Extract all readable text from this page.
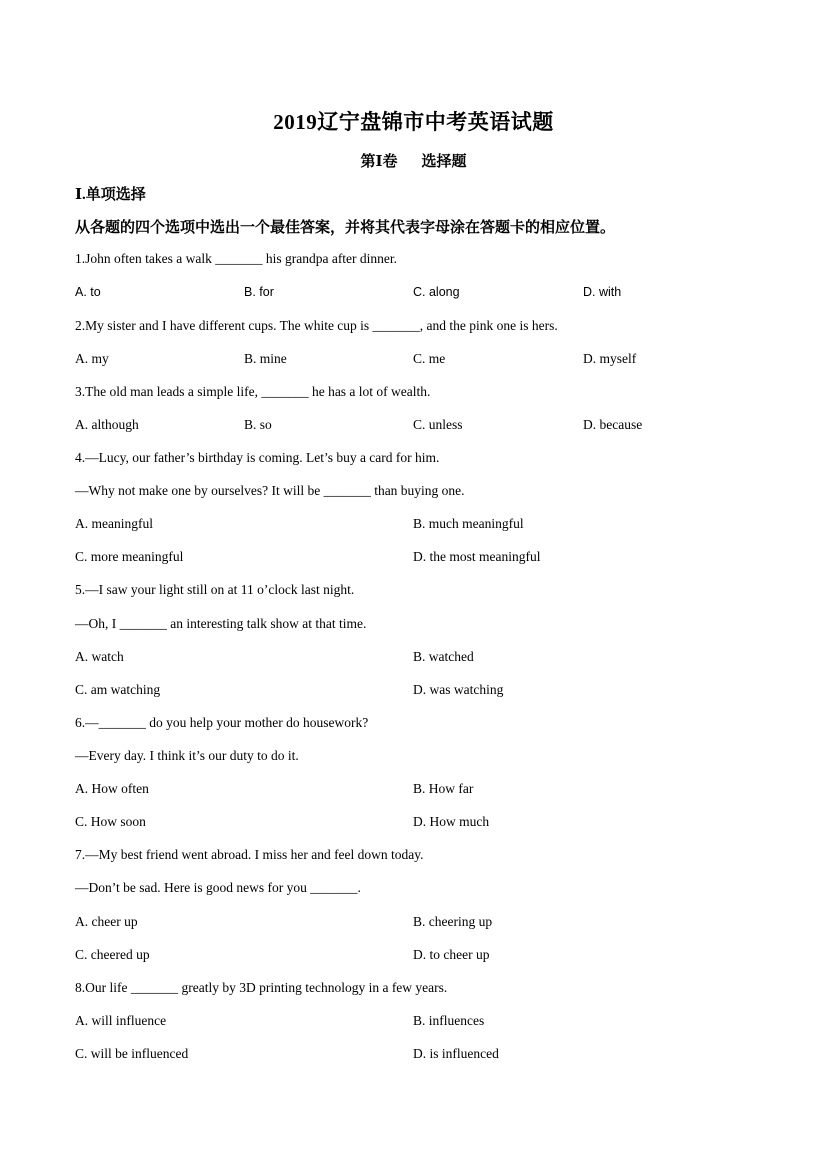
2019辽宁盘锦市中考英语试题
第Ⅰ卷 选择题
Ⅰ.单项选择
从各题的四个选项中选出一个最佳答案，并将其代表字母涂在答题卡的相应位置。
1.John often takes a walk _______ his grandpa after dinner.
A. to	B. for	C. along	D. with
2.My sister and I have different cups. The white cup is _______, and the pink one is hers.
A. my	B. mine	C. me	D. myself
3.The old man leads a simple life, _______ he has a lot of wealth.
A. although	B. so	C. unless	D. because
4.—Lucy, our father’s birthday is coming. Let’s buy a card for him.
—Why not make one by ourselves? It will be _______ than buying one.
A. meaningful	B. much meaningful
C. more meaningful	D. the most meaningful
5.—I saw your light still on at 11 o’clock last night.
—Oh, I _______ an interesting talk show at that time.
A. watch	B. watched
C. am watching	D. was watching
6.—_______ do you help your mother do housework?
—Every day. I think it’s our duty to do it.
A. How often	B. How far
C. How soon	D. How much
7.—My best friend went abroad. I miss her and feel down today.
—Don’t be sad. Here is good news for you _______.
A. cheer up	B. cheering up
C. cheered up	D. to cheer up
8.Our life _______ greatly by 3D printing technology in a few years.
A. will influence	B. influences
C. will be influenced	D. is influenced
